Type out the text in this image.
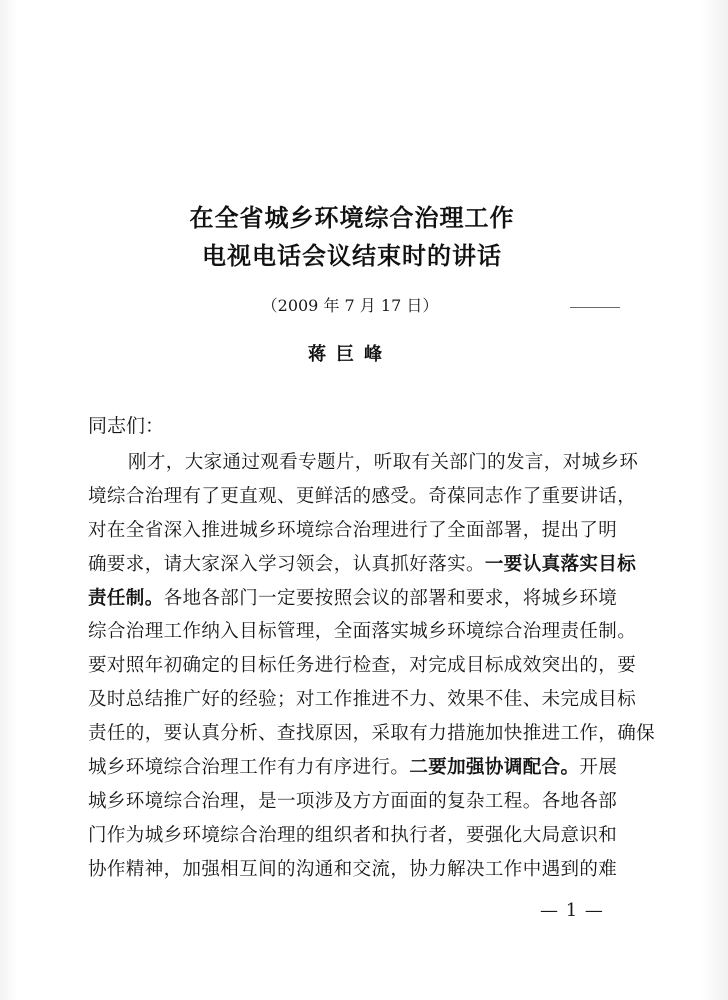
在全省城乡环境综合治理工作
电视电话会议结束时的讲话
（2009 年 7 月 17 日）
蒋巨峰
同志们：
刚才，大家通过观看专题片，听取有关部门的发言，对城乡环
境综合治理有了更直观、更鲜活的感受。奇葆同志作了重要讲话，
对在全省深入推进城乡环境综合治理进行了全面部署，提出了明
确要求，请大家深入学习领会，认真抓好落实。一要认真落实目标
责任制。各地各部门一定要按照会议的部署和要求，将城乡环境
综合治理工作纳入目标管理，全面落实城乡环境综合治理责任制。
要对照年初确定的目标任务进行检查，对完成目标成效突出的，要
及时总结推广好的经验；对工作推进不力、效果不佳、未完成目标
责任的，要认真分析、查找原因，采取有力措施加快推进工作，确保
城乡环境综合治理工作有力有序进行。二要加强协调配合。开展
城乡环境综合治理，是一项涉及方方面面的复杂工程。各地各部
门作为城乡环境综合治理的组织者和执行者，要强化大局意识和
协作精神，加强相互间的沟通和交流，协力解决工作中遇到的难
— 1 —
